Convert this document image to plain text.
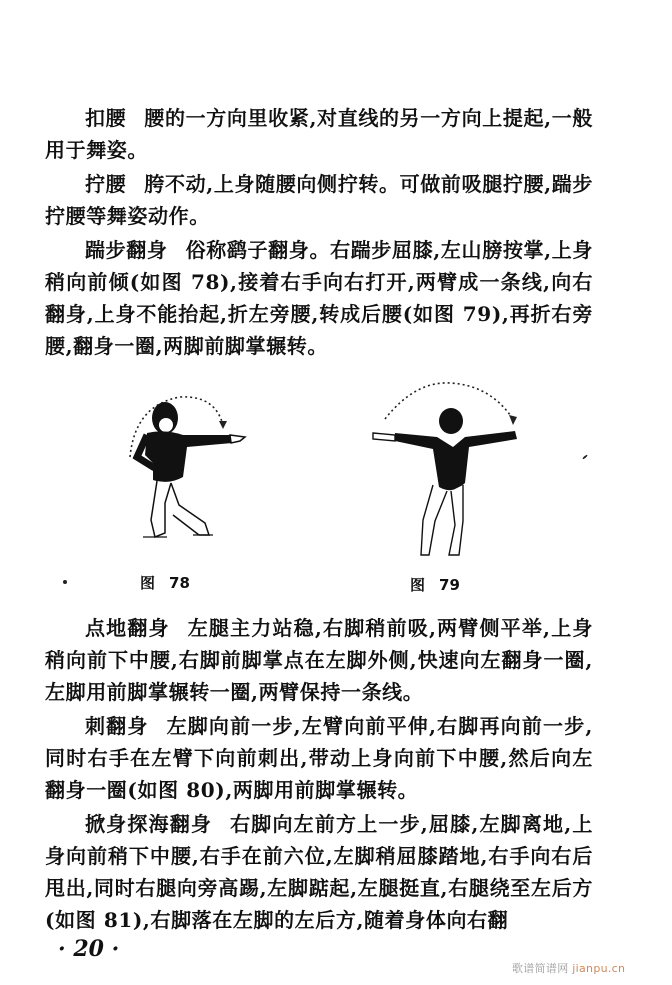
扣腰 腰的一方向里收紧,对直线的另一方向上提起,一般用于舞姿。

拧腰 胯不动,上身随腰向侧拧转。可做前吸腿拧腰,踹步拧腰等舞姿动作。

踹步翻身 俗称鹞子翻身。右踹步屈膝,左山膀按掌,上身稍向前倾(如图 78),接着右手向右打开,两臂成一条线,向右翻身,上身不能抬起,折左旁腰,转成后腰(如图 79),再折右旁腰,翻身一圈,两脚前脚掌辗转。

图 78	图 79

点地翻身 左腿主力站稳,右脚稍前吸,两臂侧平举,上身稍向前下中腰,右脚前脚掌点在左脚外侧,快速向左翻身一圈,左脚用前脚掌辗转一圈,两臂保持一条线。

刺翻身 左脚向前一步,左臂向前平伸,右脚再向前一步,同时右手在左臂下向前刺出,带动上身向前下中腰,然后向左翻身一圈(如图 80),两脚用前脚掌辗转。

掀身探海翻身 右脚向左前方上一步,屈膝,左脚离地,上身向前稍下中腰,右手在前六位,左脚稍屈膝踏地,右手向右后甩出,同时右腿向旁高踢,左脚踮起,左腿挺直,右腿绕至左后方(如图 81),右脚落在左脚的左后方,随着身体向右翻

· 20 ·
歌谱简谱网 jianpu.cn
